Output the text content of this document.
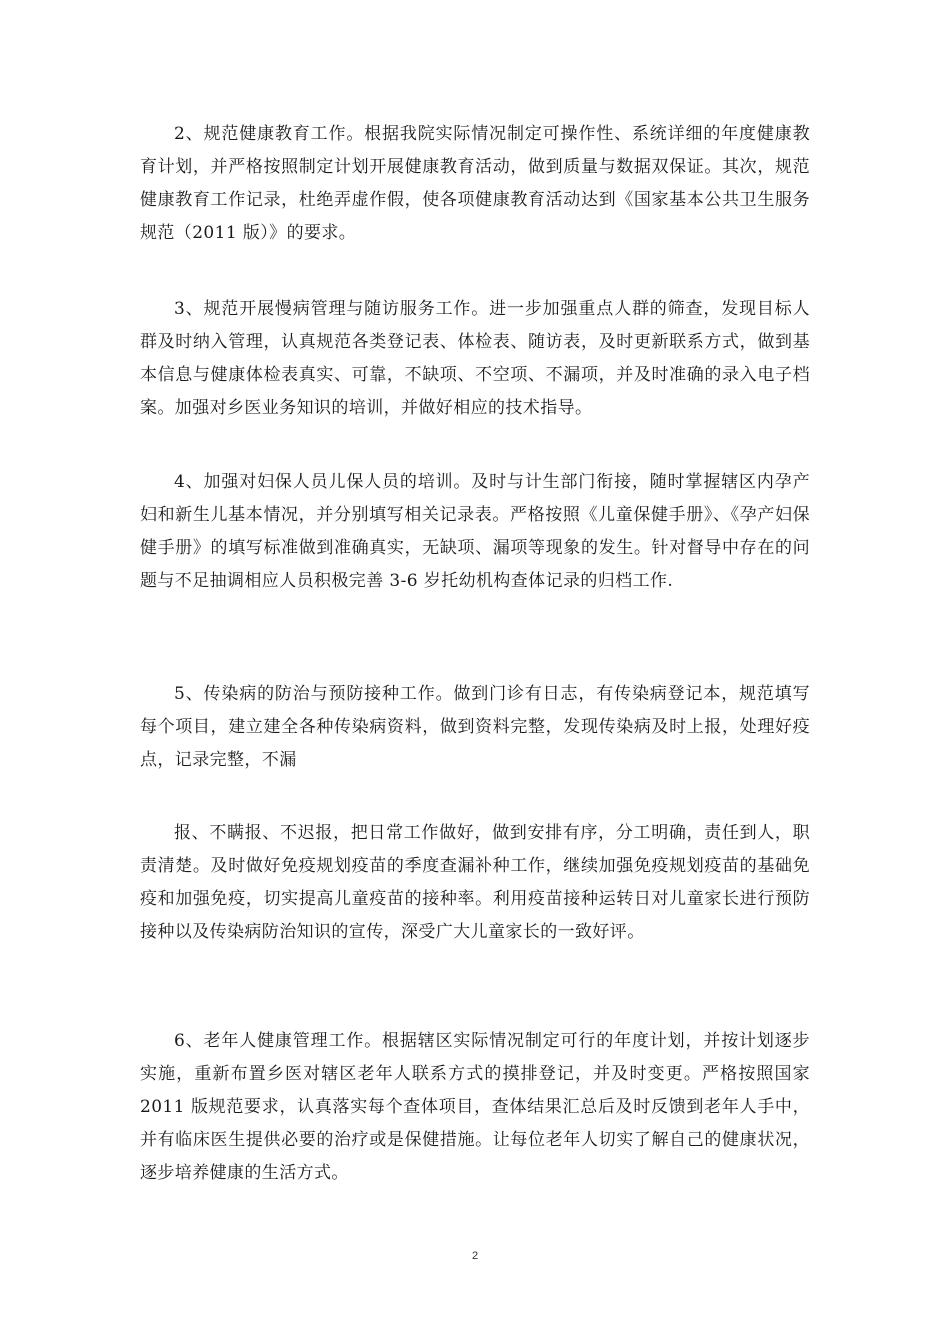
2、规范健康教育工作。根据我院实际情况制定可操作性、系统详细的年度健康教育计划，并严格按照制定计划开展健康教育活动，做到质量与数据双保证。其次，规范健康教育工作记录，杜绝弄虚作假，使各项健康教育活动达到《国家基本公共卫生服务规范（2011 版）》的要求。

3、规范开展慢病管理与随访服务工作。进一步加强重点人群的筛查，发现目标人群及时纳入管理，认真规范各类登记表、体检表、随访表，及时更新联系方式，做到基本信息与健康体检表真实、可靠，不缺项、不空项、不漏项，并及时准确的录入电子档案。加强对乡医业务知识的培训，并做好相应的技术指导。

4、加强对妇保人员儿保人员的培训。及时与计生部门衔接，随时掌握辖区内孕产妇和新生儿基本情况，并分别填写相关记录表。严格按照《儿童保健手册》、《孕产妇保健手册》的填写标准做到准确真实，无缺项、漏项等现象的发生。针对督导中存在的问题与不足抽调相应人员积极完善 3-6 岁托幼机构查体记录的归档工作.

5、传染病的防治与预防接种工作。做到门诊有日志，有传染病登记本，规范填写每个项目，建立建全各种传染病资料，做到资料完整，发现传染病及时上报，处理好疫点，记录完整，不漏

报、不瞒报、不迟报，把日常工作做好，做到安排有序，分工明确，责任到人，职责清楚。及时做好免疫规划疫苗的季度查漏补种工作，继续加强免疫规划疫苗的基础免疫和加强免疫，切实提高儿童疫苗的接种率。利用疫苗接种运转日对儿童家长进行预防接种以及传染病防治知识的宣传，深受广大儿童家长的一致好评。

6、老年人健康管理工作。根据辖区实际情况制定可行的年度计划，并按计划逐步实施，重新布置乡医对辖区老年人联系方式的摸排登记，并及时变更。严格按照国家 2011 版规范要求，认真落实每个查体项目，查体结果汇总后及时反馈到老年人手中，并有临床医生提供必要的治疗或是保健措施。让每位老年人切实了解自己的健康状况，逐步培养健康的生活方式。

2
